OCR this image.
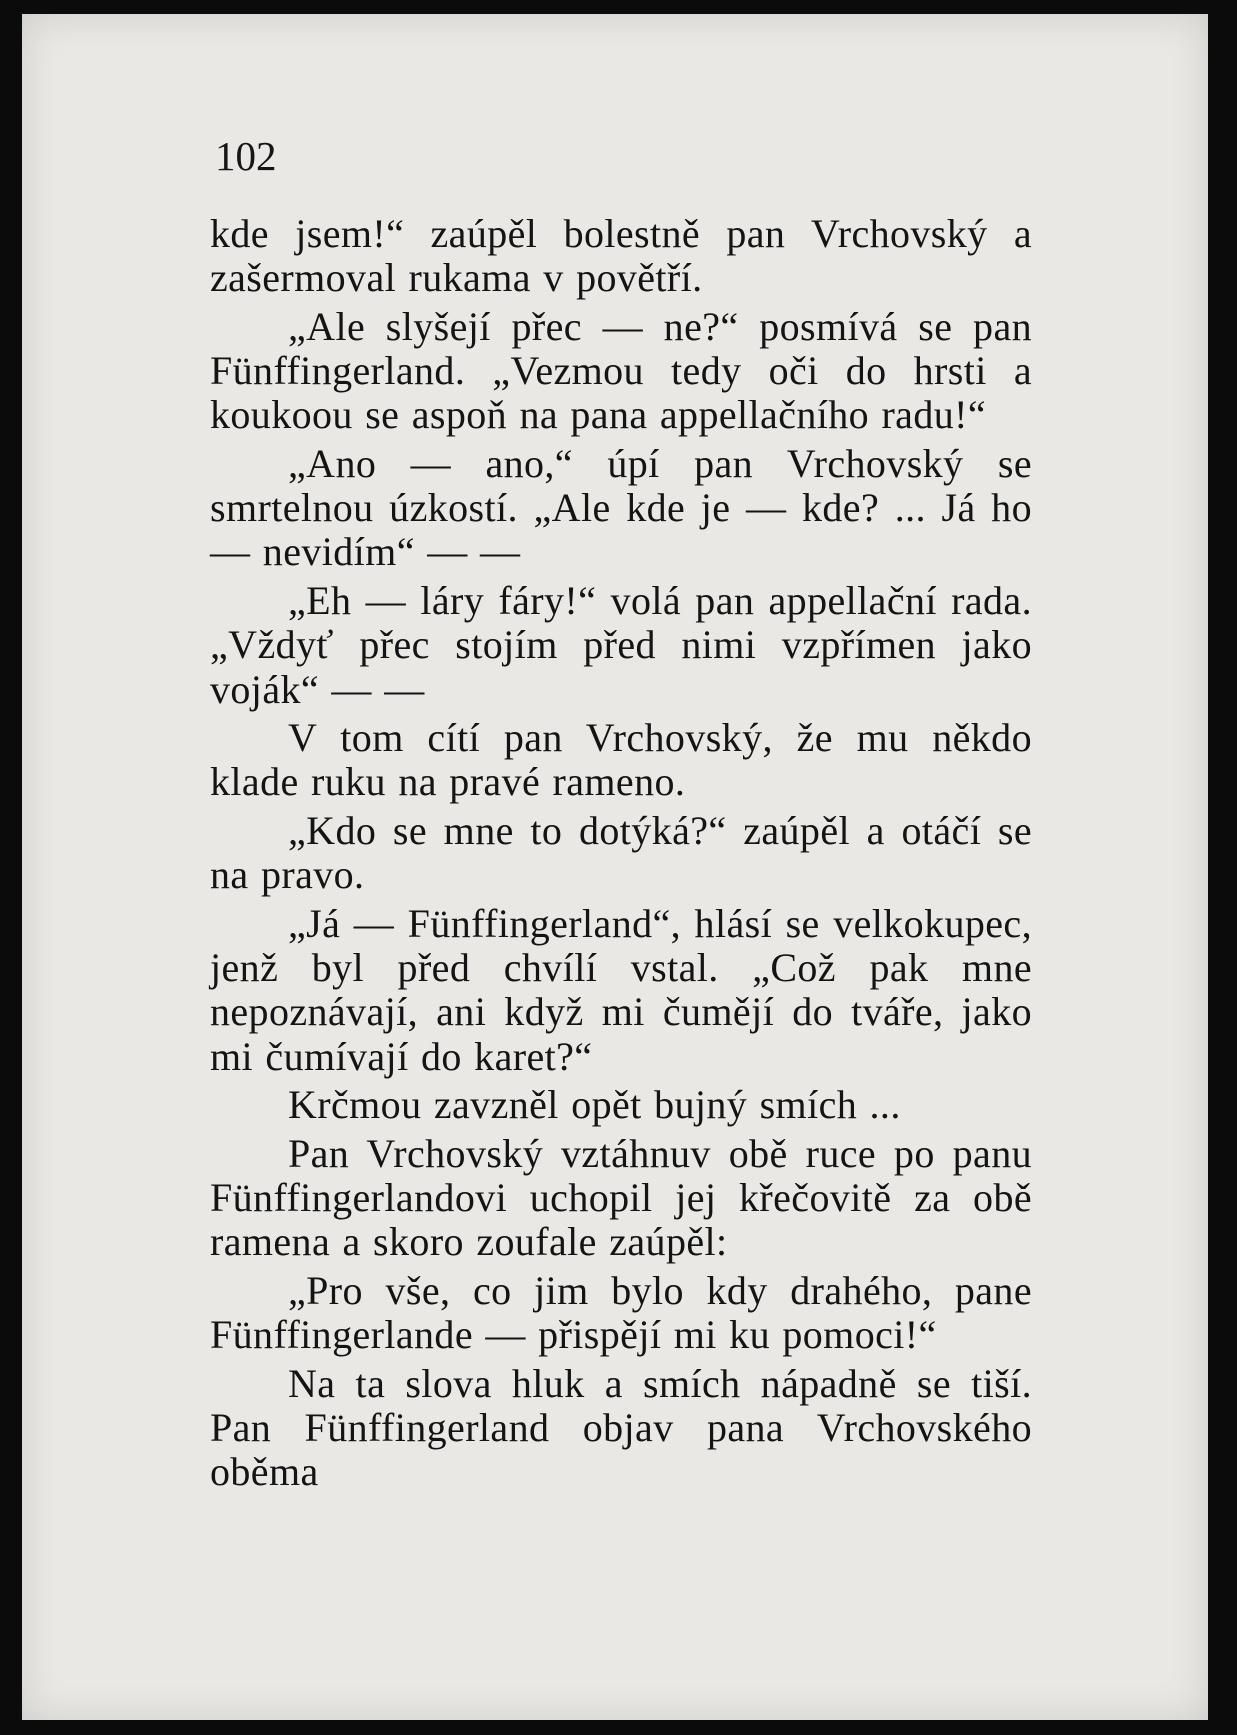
102

kde jsem!“ zaúpěl bolestně pan Vrchovský a zašermoval rukama v povětří.

„Ale slyšejí přec — ne?“ posmívá se pan Fünffingerland. „Vezmou tedy oči do hrsti a koukoou se aspoň na pana appellačního radu!“

„Ano — ano,“ úpí pan Vrchovský se smrtelnou úzkostí. „Ale kde je — kde? ... Já ho — nevidím“ — —

„Eh — láry fáry!“ volá pan appellační rada. „Vždyť přec stojím před nimi vzpřímen jako voják“ — —

V tom cítí pan Vrchovský, že mu někdo klade ruku na pravé rameno.

„Kdo se mne to dotýká?“ zaúpěl a otáčí se na pravo.

„Já — Fünffingerland“, hlásí se velkokupec, jenž byl před chvílí vstal. „Což pak mne nepoznávají, ani když mi čumějí do tváře, jako mi čumívají do karet?“

Krčmou zavzněl opět bujný smích ...

Pan Vrchovský vztáhnuv obě ruce po panu Fünffingerlandovi uchopil jej křečovitě za obě ramena a skoro zoufale zaúpěl:

„Pro vše, co jim bylo kdy drahého, pane Fünffingerlande — přispějí mi ku pomoci!“

Na ta slova hluk a smích nápadně se tiší. Pan Fünffingerland objav pana Vrchovského oběma
